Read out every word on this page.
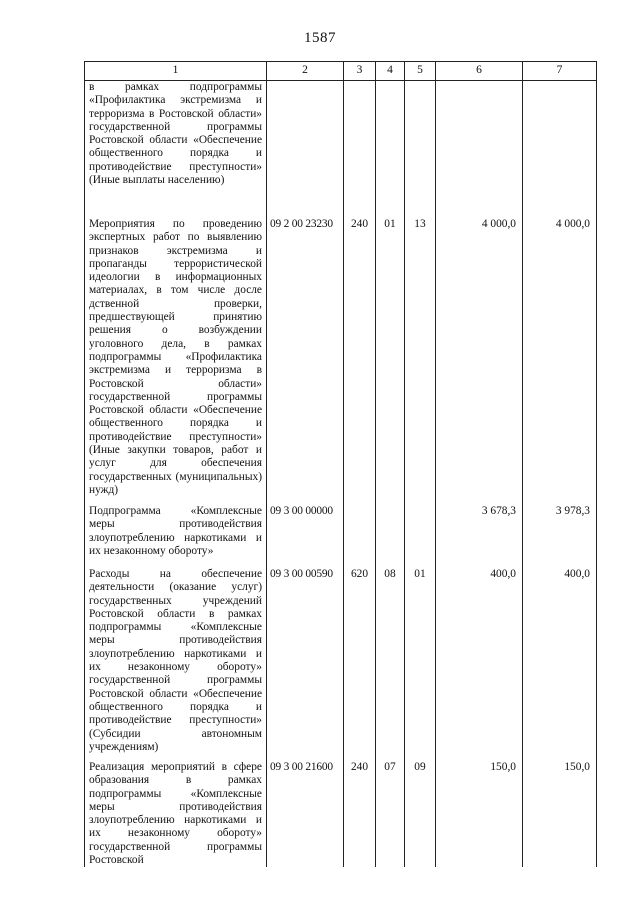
1587
1	2	3	4	5	6	7
в рамках подпрограммы «Профилактика экстремизма и терроризма в Ростовской области» государственной программы Ростовской области «Обеспечение общественного порядка и противодействие преступности» (Иные выплаты населению)						
Мероприятия по проведению экспертных работ по выявлению признаков экстремизма и пропаганды террористической идеологии в информационных материалах, в том числе досле дственной проверки, предшествующей принятию решения о возбуждении уголовного дела, в рамках подпрограммы «Профилактика экстремизма и терроризма в Ростовской области» государственной программы Ростовской области «Обеспечение общественного порядка и противодействие преступности» (Иные закупки товаров, работ и услуг для обеспечения государственных (муниципальных) нужд)	09 2 00 23230	240	01	13	4 000,0	4 000,0
Подпрограмма «Комплексные меры противодействия злоупотреблению наркотиками и их незаконному обороту»	09 3 00 00000				3 678,3	3 978,3
Расходы на обеспечение деятельности (оказание услуг) государственных учреждений Ростовской области в рамках подпрограммы «Комплексные меры противодействия злоупотреблению наркотиками и их незаконному обороту» государственной программы Ростовской области «Обеспечение общественного порядка и противодействие преступности» (Субсидии автономным учреждениям)	09 3 00 00590	620	08	01	400,0	400,0
Реализация мероприятий в сфере образования в рамках подпрограммы «Комплексные меры противодействия злоупотреблению наркотиками и их незаконному обороту» государственной программы Ростовской	09 3 00 21600	240	07	09	150,0	150,0
